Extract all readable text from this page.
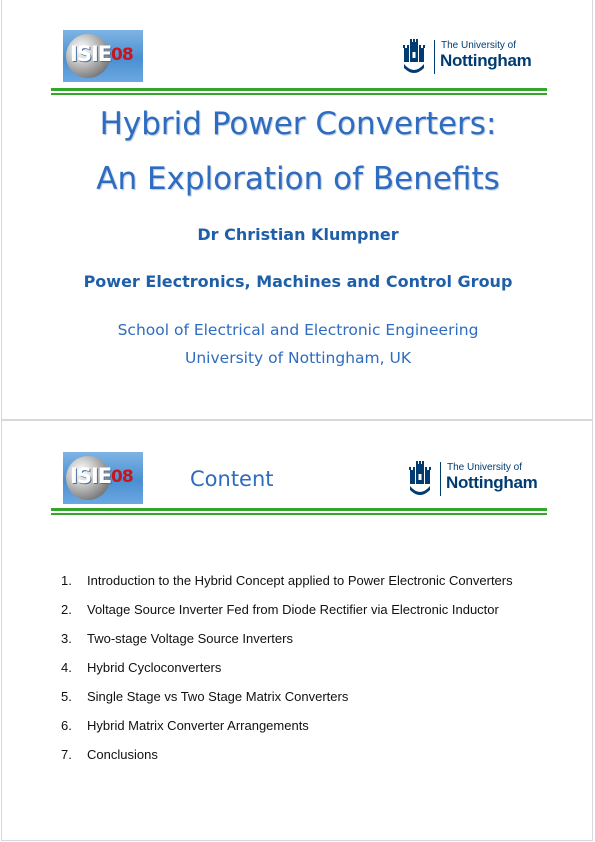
ISIE 08	The University of
Nottingham
Hybrid Power Converters:
An Exploration of Benefits
Dr Christian Klumpner
Power Electronics, Machines and Control Group
School of Electrical and Electronic Engineering
University of Nottingham, UK
ISIE 08	Content	The University of
Nottingham
1. Introduction to the Hybrid Concept applied to Power Electronic Converters
2. Voltage Source Inverter Fed from Diode Rectifier via Electronic Inductor
3. Two-stage Voltage Source Inverters
4. Hybrid Cycloconverters
5. Single Stage vs Two Stage Matrix Converters
6. Hybrid Matrix Converter Arrangements
7. Conclusions
